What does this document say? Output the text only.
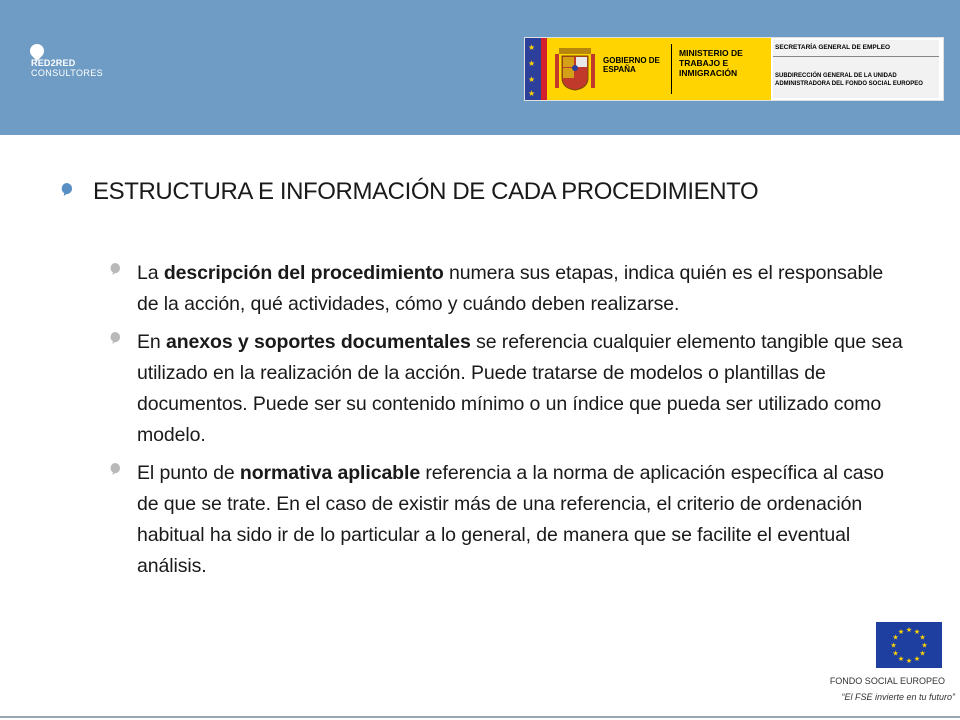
RED2RED
CONSULTORES
★
★
★
★
GOBIERNO DE ESPAÑA
MINISTERIO DE TRABAJO E INMIGRACIÓN
SECRETARÍA GENERAL DE EMPLEO
SUBDIRECCIÓN GENERAL DE LA UNIDAD
ADMINISTRADORA DEL FONDO SOCIAL EUROPEO
ESTRUCTURA E INFORMACIÓN DE CADA PROCEDIMIENTO
La descripción del procedimiento numera sus etapas, indica quién es el responsable de la acción, qué actividades, cómo y cuándo deben realizarse.
En anexos y soportes documentales se referencia cualquier elemento tangible que sea utilizado en la realización de la acción. Puede tratarse de modelos o plantillas de documentos. Puede ser su contenido mínimo o un índice que pueda ser utilizado como modelo.
El punto de normativa aplicable referencia a la norma de aplicación específica al caso de que se trate. En el caso de existir más de una referencia, el criterio de ordenación habitual ha sido ir de lo particular a lo general, de manera que se facilite el eventual análisis.
★ ★
★
★
★
★
★
★
★
★
★
★
FONDO SOCIAL EUROPEO
“El FSE invierte en tu futuro”
